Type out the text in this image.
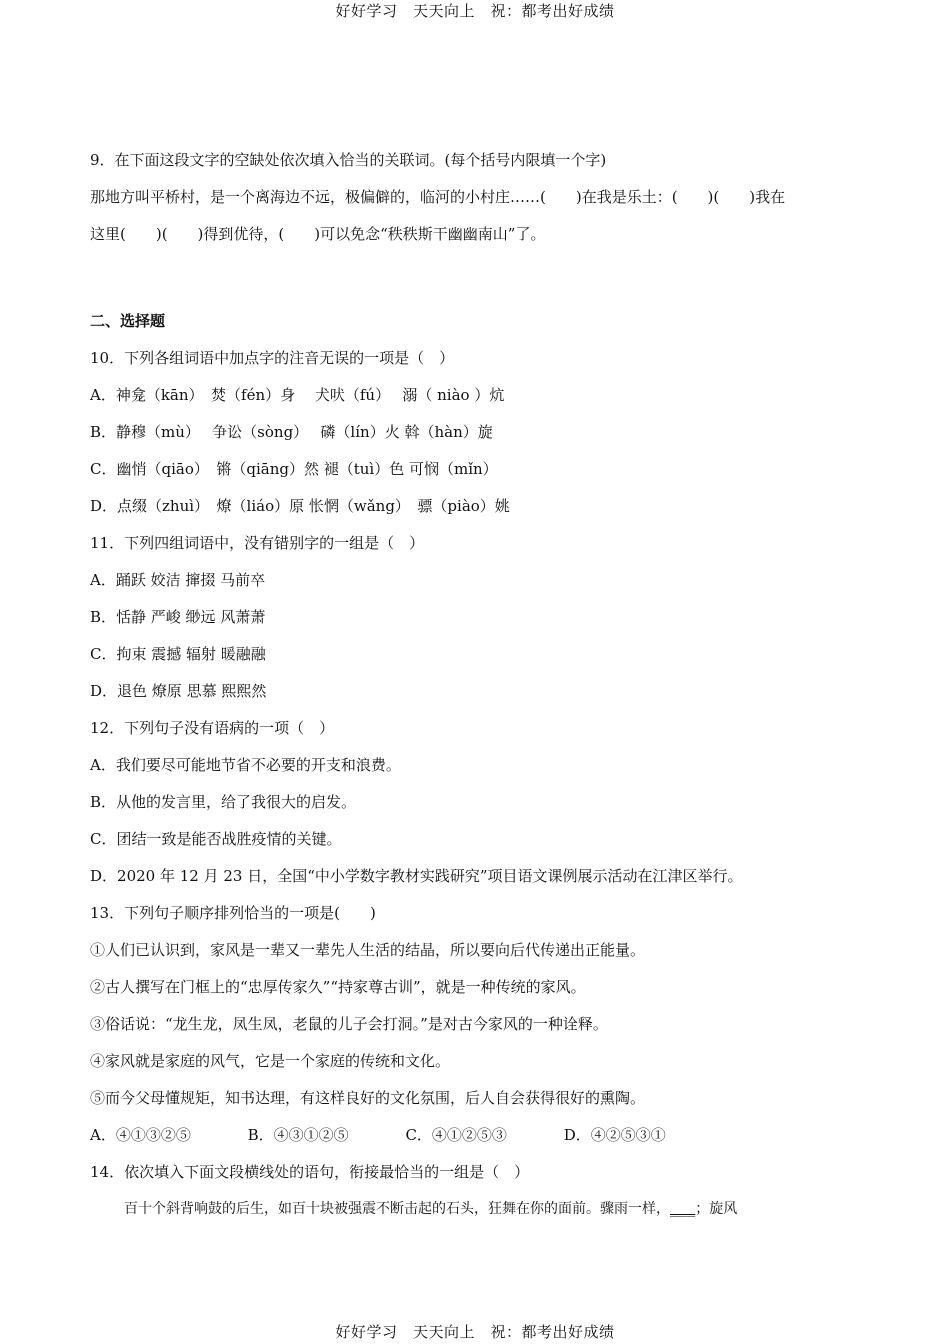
好好学习　天天向上　祝：都考出好成绩
9．在下面这段文字的空缺处依次填入恰当的关联词。(每个括号内限填一个字)
那地方叫平桥村，是一个离海边不远，极偏僻的，临河的小村庄……(　　)在我是乐土：(　　)(　　)我在
这里(　　)(　　)得到优待，(　　)可以免念“秩秩斯干幽幽南山”了。
二、选择题
10．下列各组词语中加点字的注音无误的一项是（　）
A．神龛（kān）　焚（fén）身　 犬吠（fú）　 溺（ niào ）炕
B．静穆（mù）　 争讼（sòng）　 磷（lín）火 斡（hàn）旋
C．幽悄（qiāo）　锵（qiāng）然 褪（tuì）色 可悯（mǐn）
D．点缀（zhuì）　燎（liáo）原 怅惘（wǎng）　骠（piào）姚
11．下列四组词语中，没有错别字的一组是（　）
A．踊跃 姣洁 撺掇 马前卒
B．恬静 严峻 缈远 风萧萧
C．拘束 震撼 辐射 暖融融
D．退色 燎原 思慕 熙熙然
12．下列句子没有语病的一项（　）
A．我们要尽可能地节省不必要的开支和浪费。
B．从他的发言里，给了我很大的启发。
C．团结一致是能否战胜疫情的关键。
D．2020 年 12 月 23 日，全国“中小学数字教材实践研究”项目语文课例展示活动在江津区举行。
13．下列句子顺序排列恰当的一项是(　　)
①人们已认识到，家风是一辈又一辈先人生活的结晶，所以要向后代传递出正能量。
②古人撰写在门框上的“忠厚传家久”“持家尊古训”，就是一种传统的家风。
③俗话说：“龙生龙，凤生凤，老鼠的儿子会打洞。”是对古今家风的一种诠释。
④家风就是家庭的风气，它是一个家庭的传统和文化。
⑤而今父母懂规矩，知书达理，有这样良好的文化氛围，后人自会获得很好的熏陶。
A．④①③②⑤	B．④③①②⑤	C．④①②⑤③	D．④②⑤③①
14．依次填入下面文段横线处的语句，衔接最恰当的一组是（　）
百十个斜背响鼓的后生，如百十块被强震不断击起的石头，狂舞在你的面前。骤雨一样，___；旋风
好好学习　天天向上　祝：都考出好成绩
